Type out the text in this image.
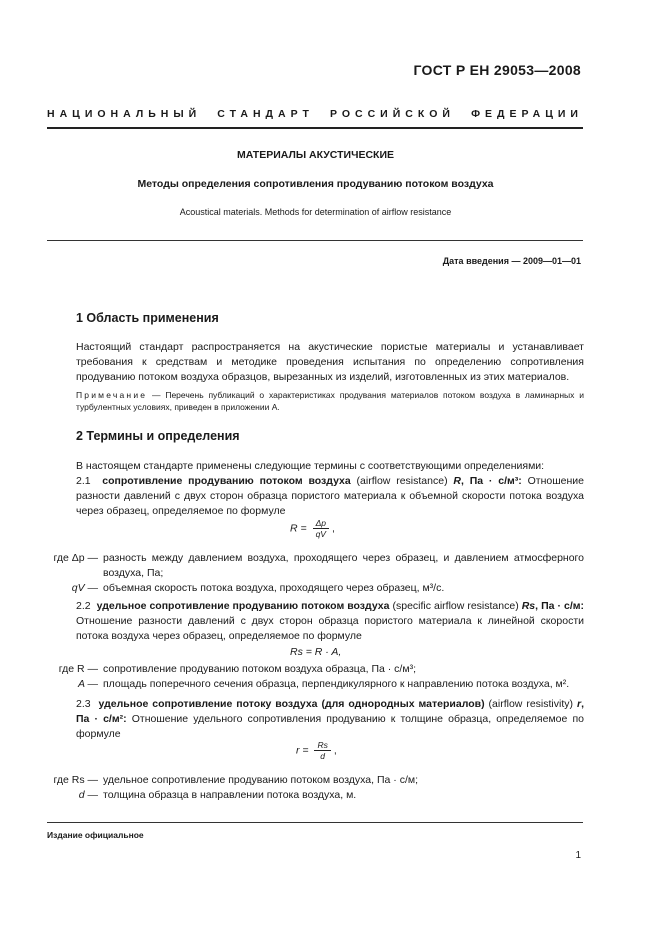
ГОСТ Р ЕН 29053—2008
НАЦИОНАЛЬНЫЙ СТАНДАРТ РОССИЙСКОЙ ФЕДЕРАЦИИ
МАТЕРИАЛЫ АКУСТИЧЕСКИЕ
Методы определения сопротивления продуванию потоком воздуха
Acoustical materials. Methods for determination of airflow resistance
Дата введения — 2009—01—01
1 Область применения
Настоящий стандарт распространяется на акустические пористые материалы и устанавливает требования к средствам и методике проведения испытания по определению сопротивления продуванию потоком воздуха образцов, вырезанных из изделий, изготовленных из этих материалов.
Примечание — Перечень публикаций о характеристиках продувания материалов потоком воздуха в ламинарных и турбулентных условиях, приведен в приложении А.
2 Термины и определения
В настоящем стандарте применены следующие термины с соответствующими определениями:
2.1 сопротивление продуванию потоком воздуха (airflow resistance) R, Па · с/м³: Отношение разности давлений с двух сторон образца пористого материала к объемной скорости потока воздуха через образец, определяемое по формуле
$R = \frac{\Delta p}{qV}$ ,
где Δp — разность между давлением воздуха, проходящего через образец, и давлением атмосферного воздуха, Па;
qV — объемная скорость потока воздуха, проходящего через образец, м³/с.
2.2 удельное сопротивление продуванию потоком воздуха (specific airflow resistance) Rs, Па · с/м: Отношение разности давлений с двух сторон образца пористого материала к линейной скорости потока воздуха через образец, определяемое по формуле
Rs = R · A,
где R — сопротивление продуванию потоком воздуха образца, Па · с/м³;
A — площадь поперечного сечения образца, перпендикулярного к направлению потока воздуха, м².
2.3 удельное сопротивление потоку воздуха (для однородных материалов) (airflow resistivity) r, Па · с/м²: Отношение удельного сопротивления продуванию к толщине образца, определяемое по формуле
$r = \frac{Rs}{d}$ ,
где Rs — удельное сопротивление продуванию потоком воздуха, Па · с/м;
d — толщина образца в направлении потока воздуха, м.
Издание официальное
1
